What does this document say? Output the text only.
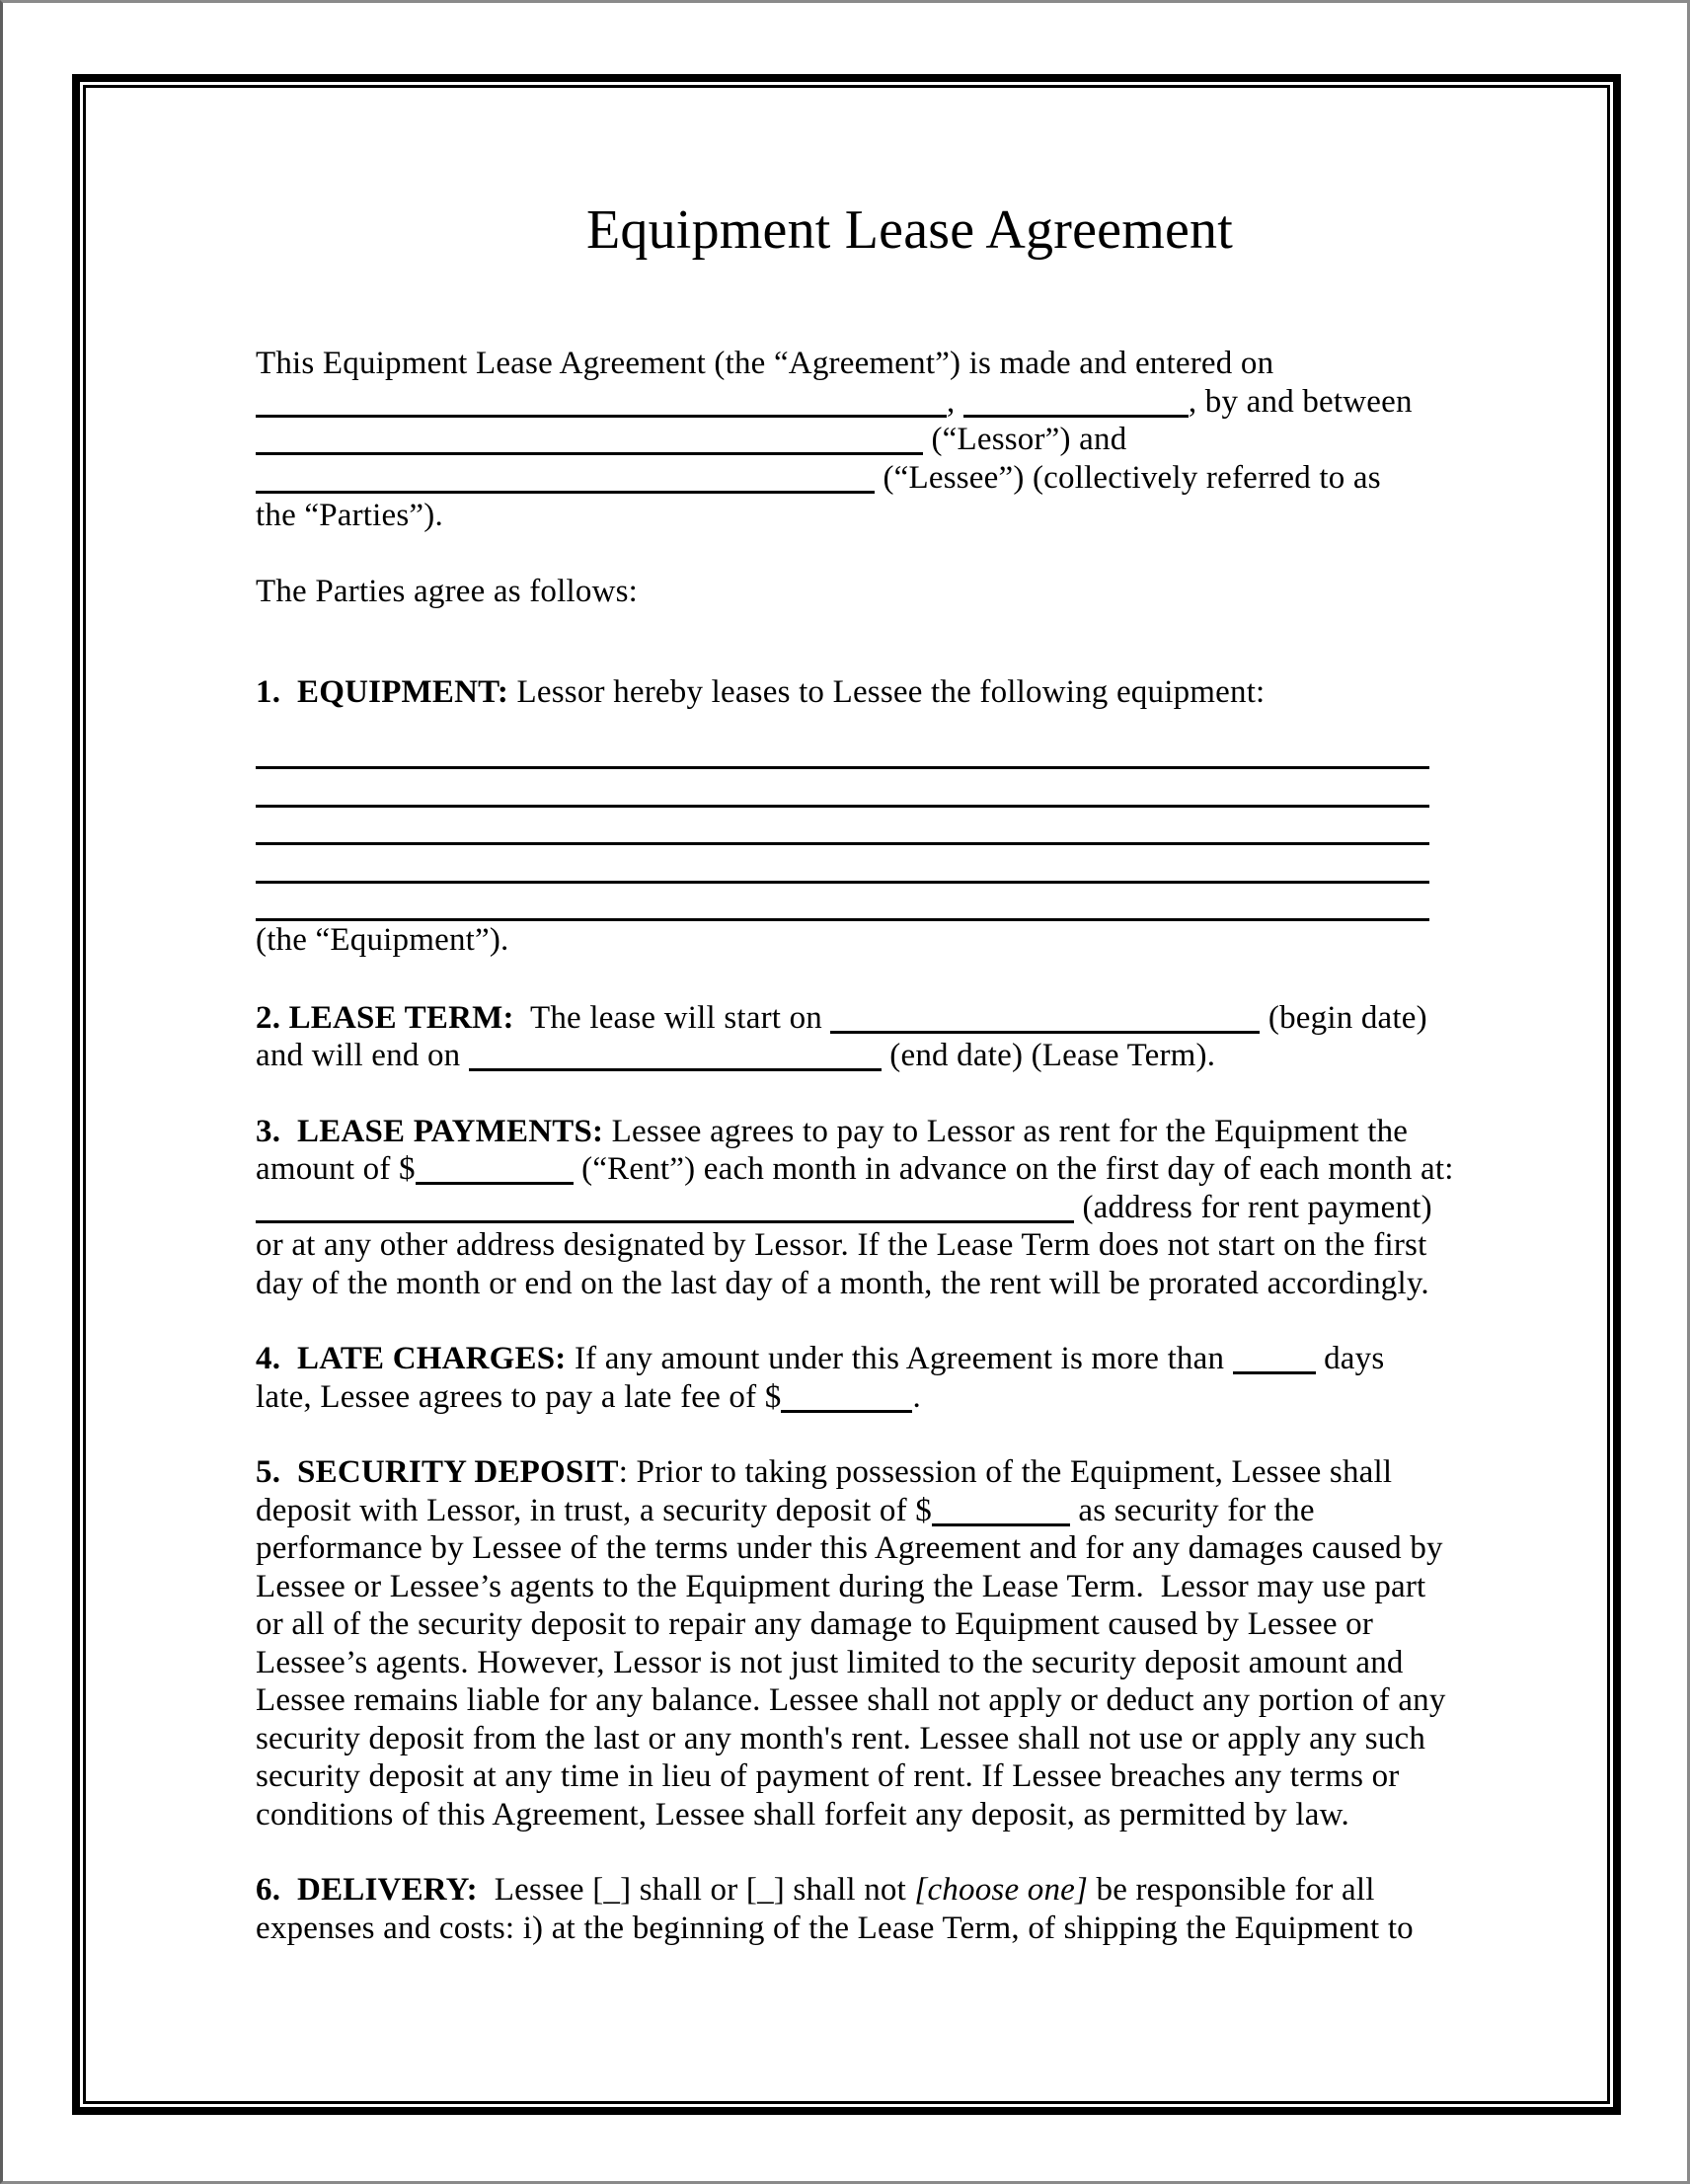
Equipment Lease Agreement
This Equipment Lease Agreement (the “Agreement”) is made and entered on
,	, by and between
(“Lessor”) and
(“Lessee”) (collectively referred to as
the “Parties”).
The Parties agree as follows:
1.  EQUIPMENT: Lessor hereby leases to Lessee the following equipment:
(the “Equipment”).
2. LEASE TERM:  The lease will start on	(begin date)
and will end on	(end date) (Lease Term).
3.  LEASE PAYMENTS: Lessee agrees to pay to Lessor as rent for the Equipment the
amount of $	(“Rent”) each month in advance on the first day of each month at:
(address for rent payment)
or at any other address designated by Lessor. If the Lease Term does not start on the first
day of the month or end on the last day of a month, the rent will be prorated accordingly.
4.  LATE CHARGES: If any amount under this Agreement is more than	days
late, Lessee agrees to pay a late fee of $	.
5.  SECURITY DEPOSIT: Prior to taking possession of the Equipment, Lessee shall
deposit with Lessor, in trust, a security deposit of $	as security for the
performance by Lessee of the terms under this Agreement and for any damages caused by
Lessee or Lessee’s agents to the Equipment during the Lease Term.  Lessor may use part
or all of the security deposit to repair any damage to Equipment caused by Lessee or
Lessee’s agents. However, Lessor is not just limited to the security deposit amount and
Lessee remains liable for any balance. Lessee shall not apply or deduct any portion of any
security deposit from the last or any month's rent. Lessee shall not use or apply any such
security deposit at any time in lieu of payment of rent. If Lessee breaches any terms or
conditions of this Agreement, Lessee shall forfeit any deposit, as permitted by law.
6.  DELIVERY:  Lessee [_] shall or [_] shall not [choose one] be responsible for all
expenses and costs: i) at the beginning of the Lease Term, of shipping the Equipment to
